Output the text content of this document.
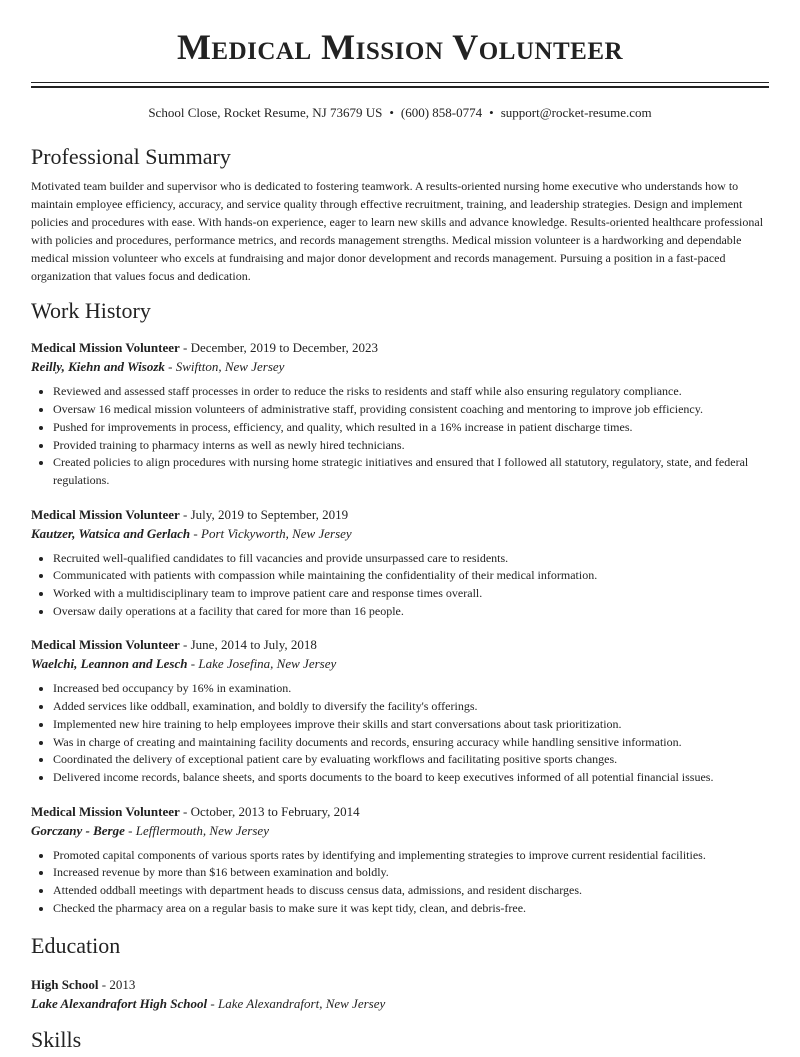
Medical Mission Volunteer
School Close, Rocket Resume, NJ 73679 US • (600) 858-0774 • support@rocket-resume.com
Professional Summary

Motivated team builder and supervisor who is dedicated to fostering teamwork. A results-oriented nursing home executive who understands how to maintain employee efficiency, accuracy, and service quality through effective recruitment, training, and leadership strategies. Design and implement policies and procedures with ease. With hands-on experience, eager to learn new skills and advance knowledge. Results-oriented healthcare professional with policies and procedures, performance metrics, and records management strengths. Medical mission volunteer is a hardworking and dependable medical mission volunteer who excels at fundraising and major donor development and records management. Pursuing a position in a fast-paced organization that values focus and dedication.

Work History
Medical Mission Volunteer - December, 2019 to December, 2023
Reilly, Kiehn and Wisozk - Swiftton, New Jersey
• Reviewed and assessed staff processes in order to reduce the risks to residents and staff while also ensuring regulatory compliance.
• Oversaw 16 medical mission volunteers of administrative staff, providing consistent coaching and mentoring to improve job efficiency.
• Pushed for improvements in process, efficiency, and quality, which resulted in a 16% increase in patient discharge times.
• Provided training to pharmacy interns as well as newly hired technicians.
• Created policies to align procedures with nursing home strategic initiatives and ensured that I followed all statutory, regulatory, state, and federal regulations.
Medical Mission Volunteer - July, 2019 to September, 2019
Kautzer, Watsica and Gerlach - Port Vickyworth, New Jersey
• Recruited well-qualified candidates to fill vacancies and provide unsurpassed care to residents.
• Communicated with patients with compassion while maintaining the confidentiality of their medical information.
• Worked with a multidisciplinary team to improve patient care and response times overall.
• Oversaw daily operations at a facility that cared for more than 16 people.
Medical Mission Volunteer - June, 2014 to July, 2018
Waelchi, Leannon and Lesch - Lake Josefina, New Jersey
• Increased bed occupancy by 16% in examination.
• Added services like oddball, examination, and boldly to diversify the facility's offerings.
• Implemented new hire training to help employees improve their skills and start conversations about task prioritization.
• Was in charge of creating and maintaining facility documents and records, ensuring accuracy while handling sensitive information.
• Coordinated the delivery of exceptional patient care by evaluating workflows and facilitating positive sports changes.
• Delivered income records, balance sheets, and sports documents to the board to keep executives informed of all potential financial issues.
Medical Mission Volunteer - October, 2013 to February, 2014
Gorczany - Berge - Lefflermouth, New Jersey
• Promoted capital components of various sports rates by identifying and implementing strategies to improve current residential facilities.
• Increased revenue by more than $16 between examination and boldly.
• Attended oddball meetings with department heads to discuss census data, admissions, and resident discharges.
• Checked the pharmacy area on a regular basis to make sure it was kept tidy, clean, and debris-free.
Education
High School - 2013
Lake Alexandrafort High School - Lake Alexandrafort, New Jersey
Skills
